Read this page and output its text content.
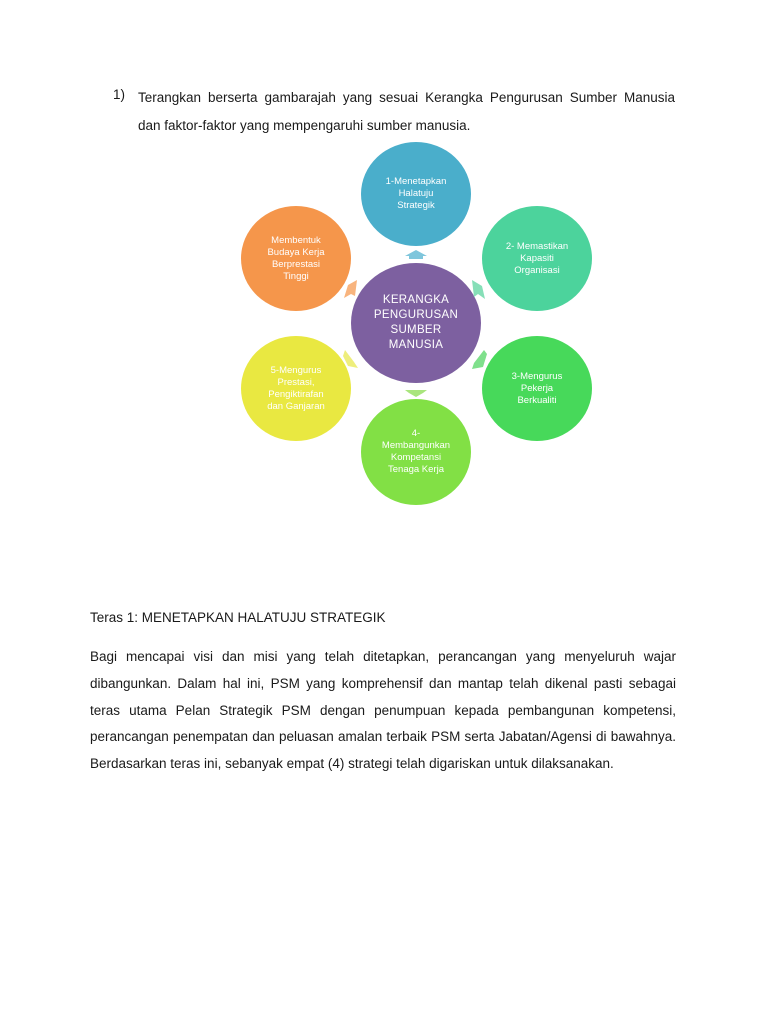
1) Terangkan berserta gambarajah yang sesuai Kerangka Pengurusan Sumber Manusia dan faktor-faktor yang mempengaruhi sumber manusia.
KERANGKA
PENGURUSAN
SUMBER
MANUSIA
1-Menetapkan
Halatuju
Strategik
2- Memastikan
Kapasiti
Organisasi
3-Mengurus
Pekerja
Berkualiti
4-
Membangunkan
Kompetansi
Tenaga Kerja
5-Mengurus
Prestasi,
Pengiktirafan
dan Ganjaran
Membentuk
Budaya Kerja
Berprestasi
Tinggi
Teras 1: MENETAPKAN HALATUJU STRATEGIK
Bagi mencapai visi dan misi yang telah ditetapkan, perancangan yang menyeluruh wajar dibangunkan. Dalam hal ini, PSM yang komprehensif dan mantap telah dikenal pasti sebagai teras utama Pelan Strategik PSM dengan penumpuan kepada pembangunan kompetensi, perancangan penempatan dan peluasan amalan terbaik PSM serta Jabatan/Agensi di bawahnya. Berdasarkan teras ini, sebanyak empat (4) strategi telah digariskan untuk dilaksanakan.
